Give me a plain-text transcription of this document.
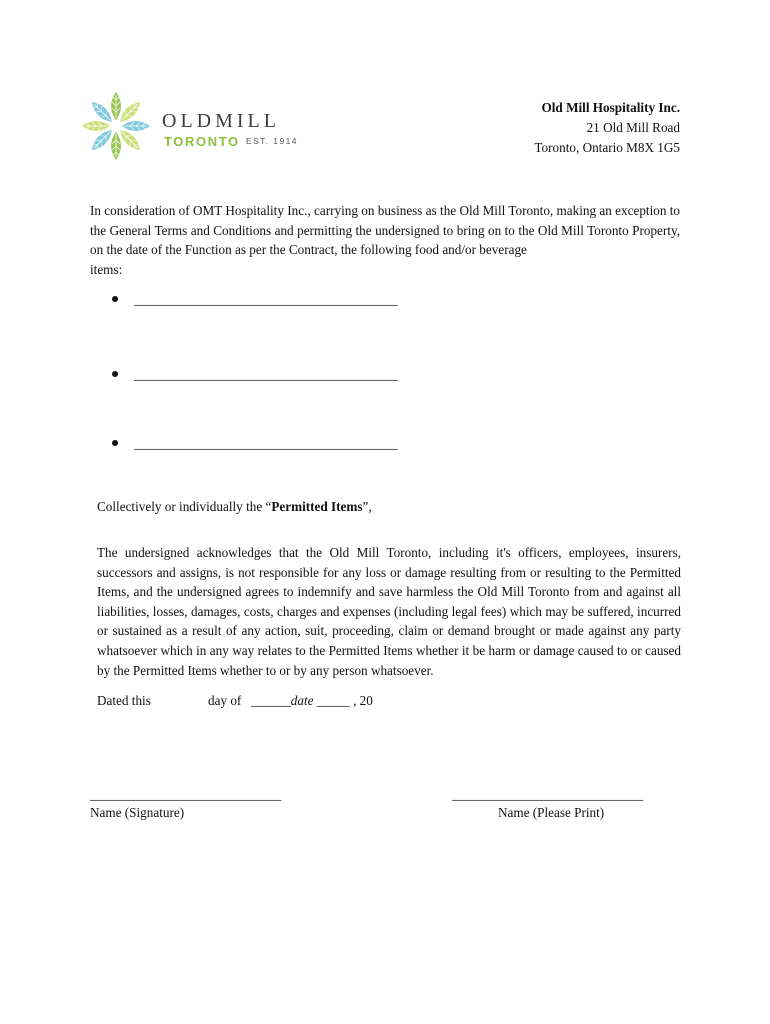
OLDMILL
TORONTO EST. 1914
Old Mill Hospitality Inc.
21 Old Mill Road
Toronto, Ontario M8X 1G5
In consideration of OMT Hospitality Inc., carrying on business as the Old Mill Toronto, making an exception to the General Terms and Conditions and permitting the undersigned to bring on to the Old Mill Toronto Property, on the date of the Function as per the Contract, the following food and/or beverage
items:
________________________________________
________________________________________
________________________________________
Collectively or individually the “Permitted Items”,
The undersigned acknowledges that the Old Mill Toronto, including it's officers, employees, insurers, successors and assigns, is not responsible for any loss or damage resulting from or resulting to the Permitted Items, and the undersigned agrees to indemnify and save harmless the Old Mill Toronto from and against all liabilities, losses, damages, costs, charges and expenses (including legal fees) which may be suffered, incurred or sustained as a result of any action, suit, proceeding, claim or demand brought or made against any party whatsoever which in any way relates to the Permitted Items whether it be harm or damage caused to or caused by the Permitted Items whether to or by any person whatsoever.
Dated this	day of ______date _____ , 20
_____________________________	_____________________________
Name (Signature)	Name (Please Print)
